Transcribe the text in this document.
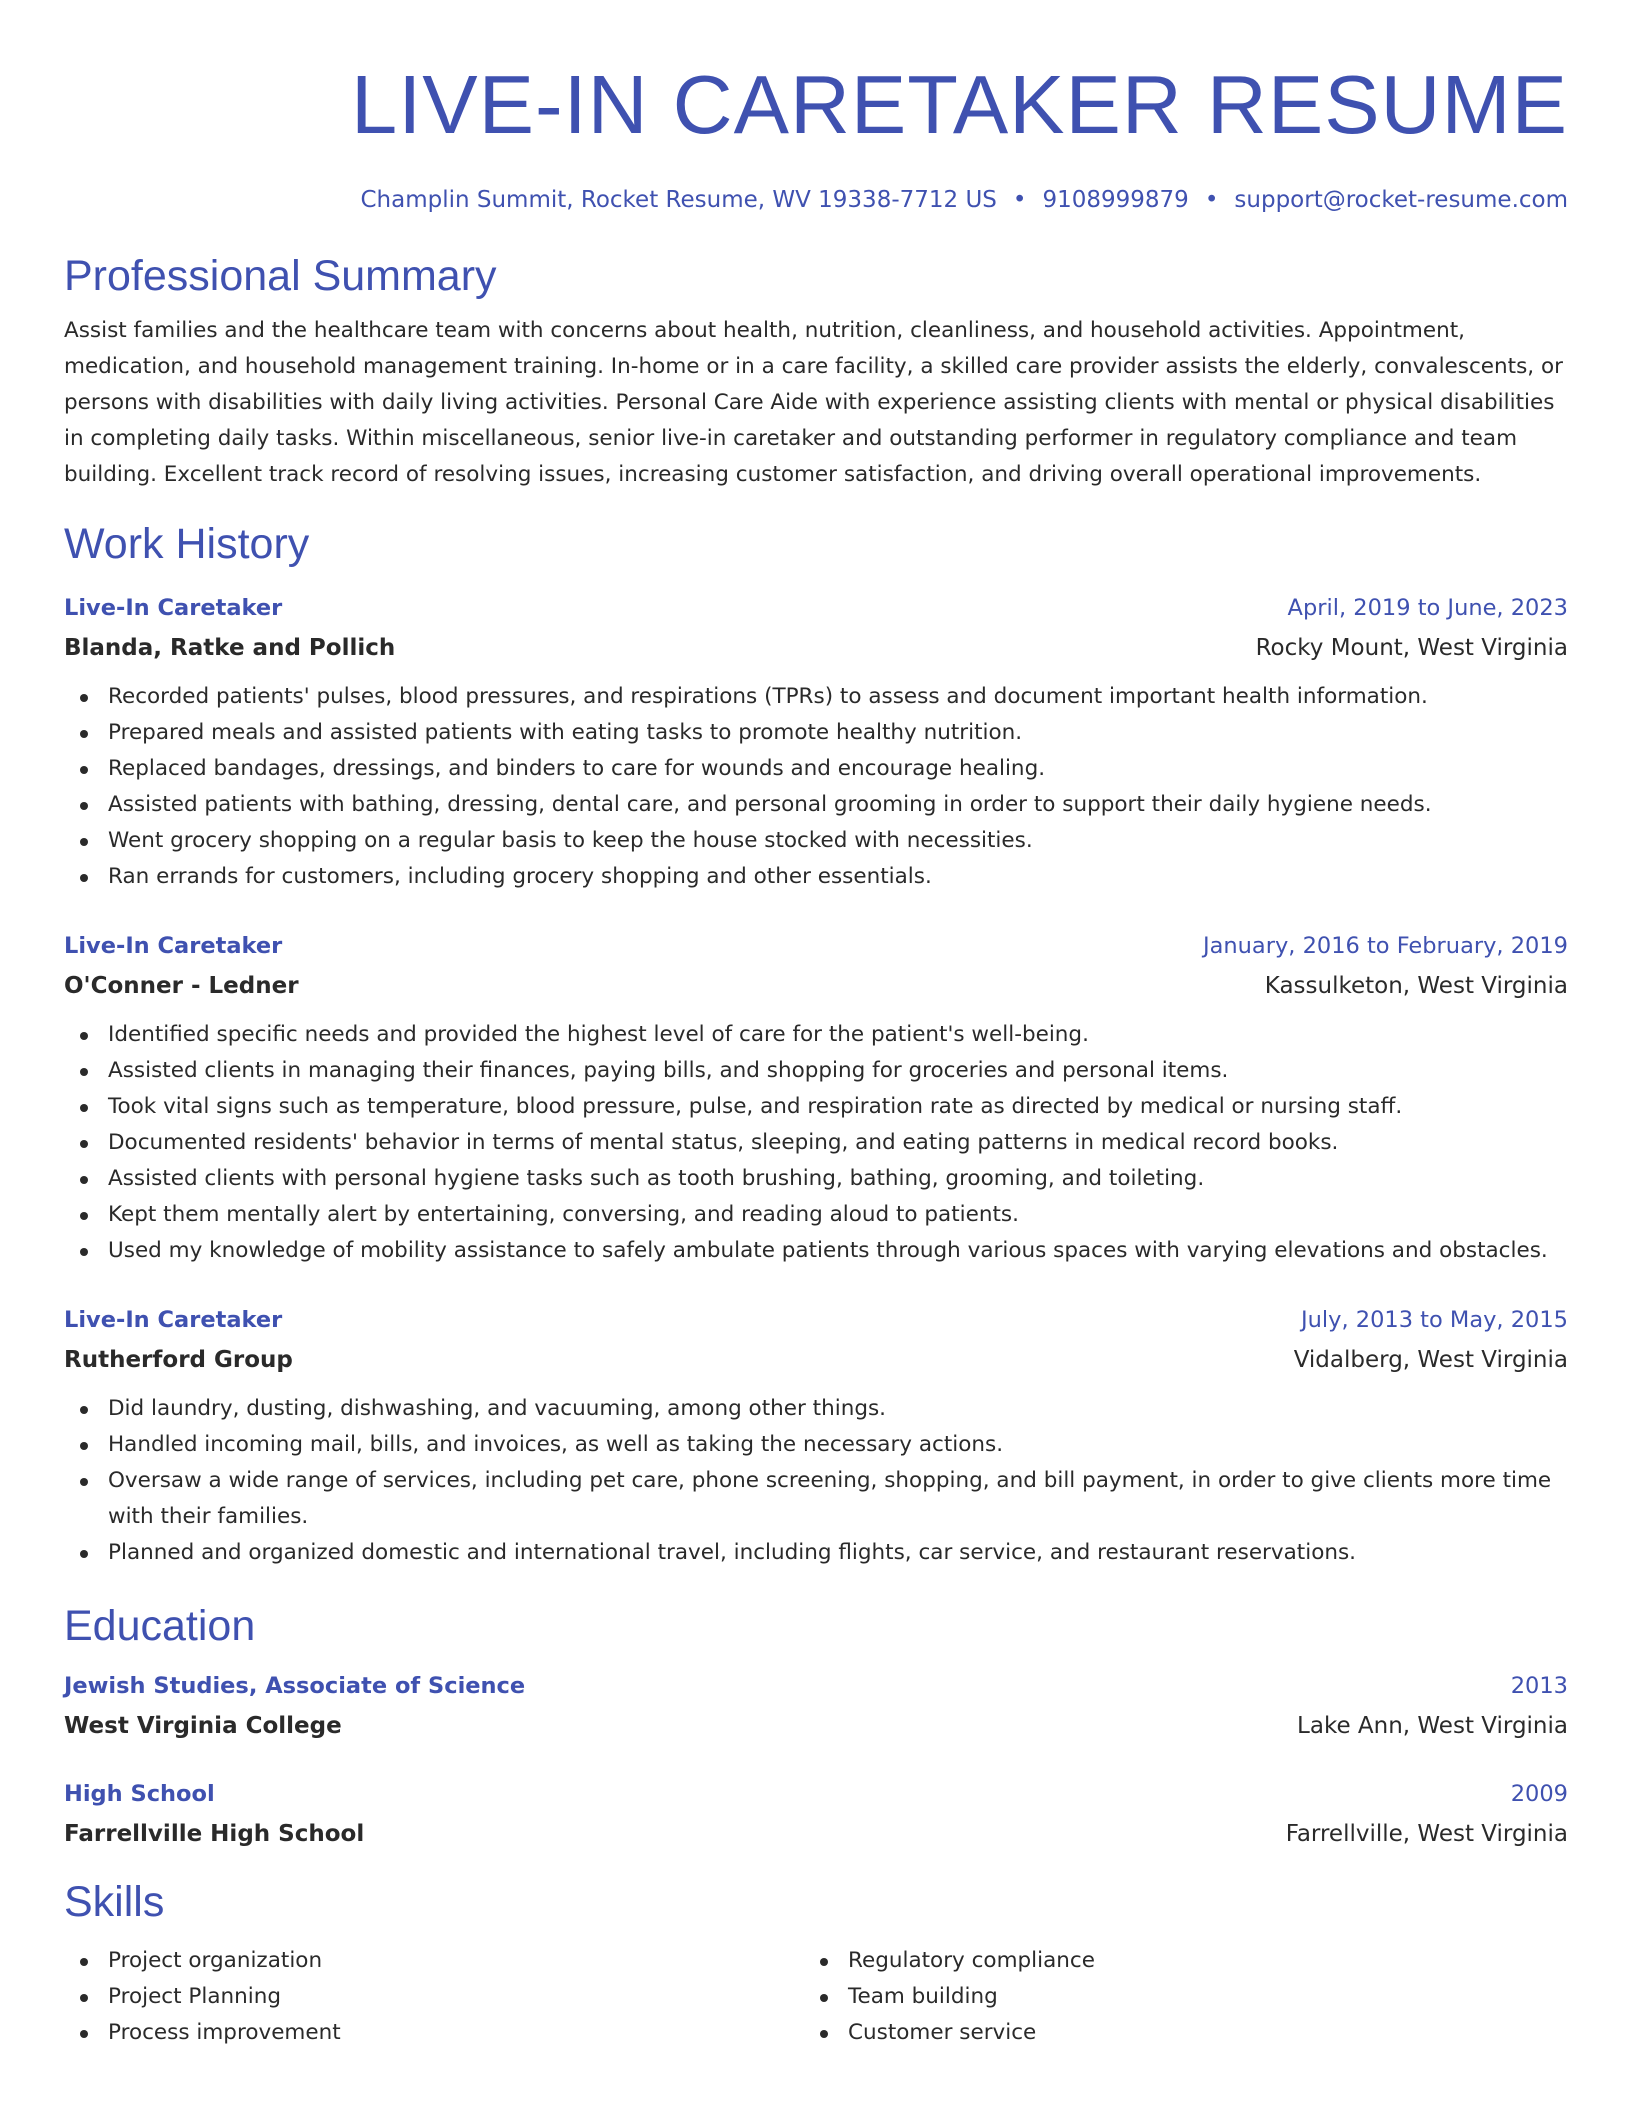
LIVE-IN CARETAKER RESUME
Champlin Summit, Rocket Resume, WV 19338-7712 US • 9108999879 • support@rocket-resume.com
Professional Summary
Assist families and the healthcare team with concerns about health, nutrition, cleanliness, and household activities. Appointment, medication, and household management training. In-home or in a care facility, a skilled care provider assists the elderly, convalescents, or persons with disabilities with daily living activities. Personal Care Aide with experience assisting clients with mental or physical disabilities in completing daily tasks. Within miscellaneous, senior live-in caretaker and outstanding performer in regulatory compliance and team building. Excellent track record of resolving issues, increasing customer satisfaction, and driving overall operational improvements.
Work History
Live-In Caretaker	April, 2019 to June, 2023
Blanda, Ratke and Pollich	Rocky Mount, West Virginia
Recorded patients' pulses, blood pressures, and respirations (TPRs) to assess and document important health information.
Prepared meals and assisted patients with eating tasks to promote healthy nutrition.
Replaced bandages, dressings, and binders to care for wounds and encourage healing.
Assisted patients with bathing, dressing, dental care, and personal grooming in order to support their daily hygiene needs.
Went grocery shopping on a regular basis to keep the house stocked with necessities.
Ran errands for customers, including grocery shopping and other essentials.
Live-In Caretaker	January, 2016 to February, 2019
O'Conner - Ledner	Kassulketon, West Virginia
Identified specific needs and provided the highest level of care for the patient's well-being.
Assisted clients in managing their finances, paying bills, and shopping for groceries and personal items.
Took vital signs such as temperature, blood pressure, pulse, and respiration rate as directed by medical or nursing staff.
Documented residents' behavior in terms of mental status, sleeping, and eating patterns in medical record books.
Assisted clients with personal hygiene tasks such as tooth brushing, bathing, grooming, and toileting.
Kept them mentally alert by entertaining, conversing, and reading aloud to patients.
Used my knowledge of mobility assistance to safely ambulate patients through various spaces with varying elevations and obstacles.
Live-In Caretaker	July, 2013 to May, 2015
Rutherford Group	Vidalberg, West Virginia
Did laundry, dusting, dishwashing, and vacuuming, among other things.
Handled incoming mail, bills, and invoices, as well as taking the necessary actions.
Oversaw a wide range of services, including pet care, phone screening, shopping, and bill payment, in order to give clients more time with their families.
Planned and organized domestic and international travel, including flights, car service, and restaurant reservations.
Education
Jewish Studies, Associate of Science	2013
West Virginia College	Lake Ann, West Virginia
High School	2009
Farrellville High School	Farrellville, West Virginia
Skills
Project organization
Project Planning
Process improvement
Regulatory compliance
Team building
Customer service
